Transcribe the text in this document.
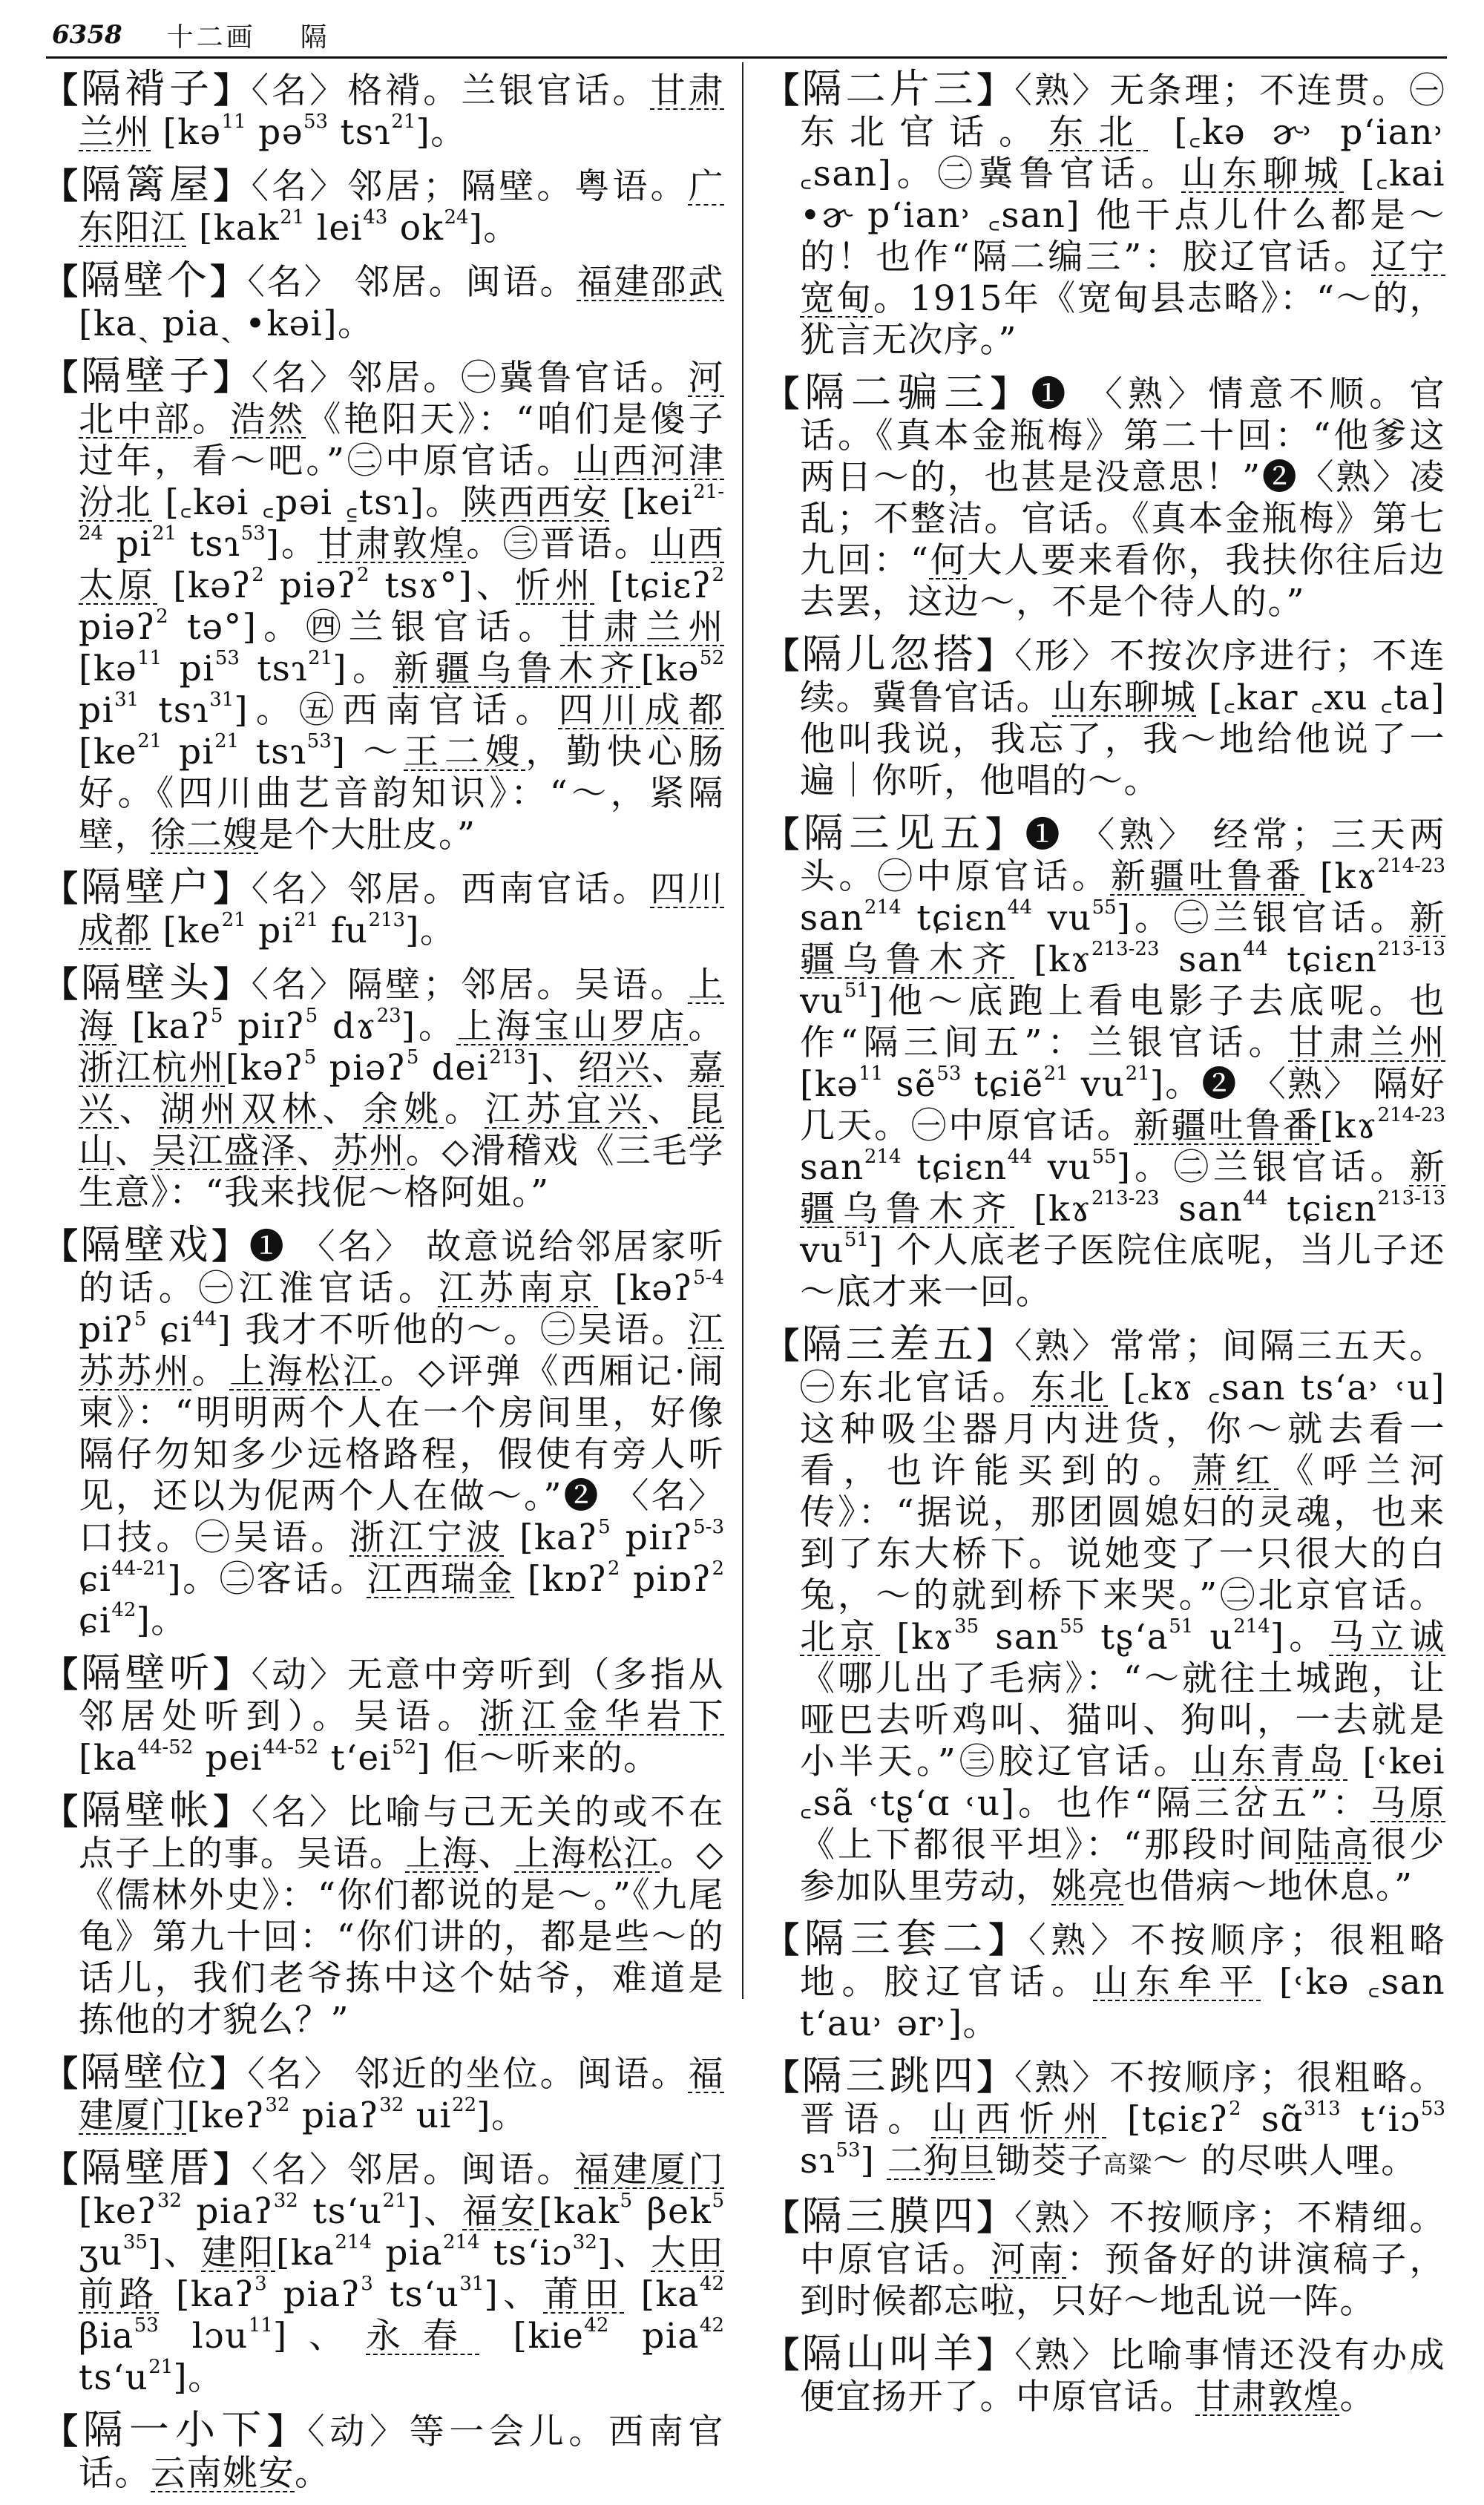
6358 十二画 隔
【隔褙子】〈名〉格褙。兰银官话。甘肃兰州 [kə$^{11}$ pə$^{53}$ tsɿ$^{21}$]。
【隔篱屋】〈名〉邻居；隔壁。粤语。广东阳江 [kak$^{21}$ lei$^{43}$ $ok^{24}$]。
【隔壁个】〈名〉 邻居。闽语。福建邵武 [kaˏ piaˏ •kəi]。
【隔壁子】〈名〉邻居。㊀冀鲁官话。河北中部。浩然《艳阳天》：“咱们是傻子过年，看～吧。”㊁中原官话。山西河津汾北 [꜀kəi ꜀pəi ꜁tsɿ]。陕西西安 [kei$^{21-24}$ $pi^{21}$ tsɿ$^{53}$]。甘肃敦煌。㊂晋语。山西太原 [kəʔ$^2$ piəʔ$^2$ tsɤ°]、忻州 [tɕiɛʔ$^2$ piəʔ$^2$ tə°]。㊃兰银官话。甘肃兰州[kə$^{11}$ $pi^{53}$ tsɿ$^{21}$]。新疆乌鲁木齐[kə$^{52}$ $pi^{31}$ tsɿ$^{31}$]。㊄西南官话。四川成都 [$ke^{21}$ $pi^{21}$ tsɿ$^{53}$] ～王二嫂，勤快心肠好。《四川曲艺音韵知识》：“～，紧隔壁，徐二嫂是个大肚皮。”
【隔壁户】〈名〉邻居。西南官话。四川成都 [$ke^{21}$ $pi^{21}$ $fu^{213}$]。
【隔壁头】〈名〉隔壁；邻居。吴语。上海 [kaʔ$^5$ piɪʔ$^5$ dɤ$^{23}$]。上海宝山罗店。浙江杭州[kəʔ$^5$ piəʔ$^5$ dei$^{213}$]、绍兴、嘉兴、湖州双林、余姚。江苏宜兴、昆山、吴江盛泽、苏州。◇滑稽戏《三毛学生意》：“我来找伲～格阿姐。”
【隔壁戏】❶ 〈名〉 故意说给邻居家听的话。㊀江淮官话。江苏南京 [kəʔ$^{5-4}$ piʔ$^5$ ɕi$^{44}$] 我才不听他的～。㊁吴语。江苏苏州。上海松江。◇评弹《西厢记·闹柬》：“明明两个人在一个房间里，好像隔仔勿知多少远格路程，假使有旁人听见，还以为伲两个人在做～。”❷ 〈名〉 口技。㊀吴语。浙江宁波 [kaʔ$^5$ piɪʔ$^{5-3}$ ɕi$^{44-21}$]。㊁客话。江西瑞金 [kɒʔ$^2$ piɒʔ$^2$ ɕi$^{42}$]。
【隔壁听】〈动〉无意中旁听到（多指从邻居处听到）。吴语。浙江金华岩下 [$ka^{44-52}$ pei$^{44-52}$ tʻei$^{52}$] 佢～听来的。
【隔壁帐】〈名〉比喻与己无关的或不在点子上的事。吴语。上海、上海松江。◇《儒林外史》：“你们都说的是～。”《九尾龟》第九十回：“你们讲的，都是些～的话儿，我们老爷拣中这个姑爷，难道是拣他的才貌么？”
【隔壁位】〈名〉 邻近的坐位。闽语。福建厦门[keʔ$^{32}$ piaʔ$^{32}$ $ui^{22}$]。
【隔壁厝】〈名〉邻居。闽语。福建厦门 [keʔ$^{32}$ piaʔ$^{32}$ tsʻu$^{21}$]、福安[kak$^5$ βek$^5$ ʒu$^{35}$]、建阳[$ka^{214}$ pia$^{214}$ tsʻiɔ$^{32}$]、大田前路 [kaʔ$^3$ piaʔ$^3$ tsʻu$^{31}$]、莆田 [$ka^{42}$ βia$^{53}$ lɔu$^{11}$]、永春 [kie$^{42}$ pia$^{42}$ tsʻu$^{21}$]。
【隔一小下】〈动〉等一会儿。西南官话。云南姚安。
【隔二片三】〈熟〉无条理；不连贯。㊀东北官话。东北 [꜀kə ɚ˒ pʻian˒ ꜀san]。㊁冀鲁官话。山东聊城 [꜀kai •ɚ pʻian˒ ꜀san] 他干点儿什么都是～的！也作“隔二编三”：胶辽官话。辽宁宽甸。1915年《宽甸县志略》：“～的，犹言无次序。”
【隔二骗三】❶ 〈熟〉情意不顺。官话。《真本金瓶梅》第二十回：“他爹这两日～的，也甚是没意思！”❷〈熟〉凌乱；不整洁。官话。《真本金瓶梅》第七九回：“何大人要来看你，我扶你往后边去罢，这边～，不是个待人的。”
【隔儿忽搭】〈形〉不按次序进行；不连续。冀鲁官话。山东聊城 [꜀kar ꜀xu ꜀ta] 他叫我说，我忘了，我～地给他说了一遍｜你听，他唱的～。
【隔三见五】❶ 〈熟〉 经常；三天两头。㊀中原官话。新疆吐鲁番 [kɤ$^{214-23}$ san$^{214}$ tɕiɛn$^{44}$ $vu^{55}$]。㊁兰银官话。新疆乌鲁木齐 [kɤ$^{213-23}$ san$^{44}$ tɕiɛn$^{213-13}$ $vu^{51}$]他～底跑上看电影子去底呢。也作“隔三间五”：兰银官话。甘肃兰州 [kə$^{11}$ sẽ$^{53}$ tɕiẽ$^{21}$ $vu^{21}$]。❷ 〈熟〉 隔好几天。㊀中原官话。新疆吐鲁番[kɤ$^{214-23}$ san$^{214}$ tɕiɛn$^{44}$ $vu^{55}$]。㊁兰银官话。新疆乌鲁木齐 [kɤ$^{213-23}$ san$^{44}$ tɕiɛn$^{213-13}$ $vu^{51}$] 个人底老子医院住底呢，当儿子还～底才来一回。
【隔三差五】〈熟〉常常；间隔三五天。㊀东北官话。东北 [꜀kɤ ꜀san tsʻa˒ ˓u] 这种吸尘器月内进货，你～就去看一看，也许能买到的。萧红《呼兰河传》：“据说，那团圆媳妇的灵魂，也来到了东大桥下。说她变了一只很大的白兔，～的就到桥下来哭。”㊁北京官话。北京 [kɤ$^{35}$ san$^{55}$ tʂʻa$^{51}$ $u^{214}$]。马立诚《哪儿出了毛病》：“～就往土城跑，让哑巴去听鸡叫、猫叫、狗叫，一去就是小半天。”㊂胶辽官话。山东青岛 [˓kei ꜀sã ˓tʂʻɑ ˓u]。也作“隔三岔五”：马原《上下都很平坦》：“那段时间陆高很少参加队里劳动，姚亮也借病～地休息。”
【隔三套二】〈熟〉不按顺序；很粗略地。胶辽官话。山东牟平 [˓kə ꜀san tʻau˒ ər˒]。
【隔三跳四】〈熟〉不按顺序；很粗略。晋语。山西忻州 [tɕiɛʔ$^2$ sɑ̃$^{313}$ tʻiɔ$^{53}$ sɿ$^{53}$] 二狗旦锄茭子高粱～ 的尽哄人哩。
【隔三膜四】〈熟〉不按顺序；不精细。中原官话。河南：预备好的讲演稿子，到时候都忘啦，只好～地乱说一阵。
【隔山叫羊】〈熟〉比喻事情还没有办成便宜扬开了。中原官话。甘肃敦煌。
